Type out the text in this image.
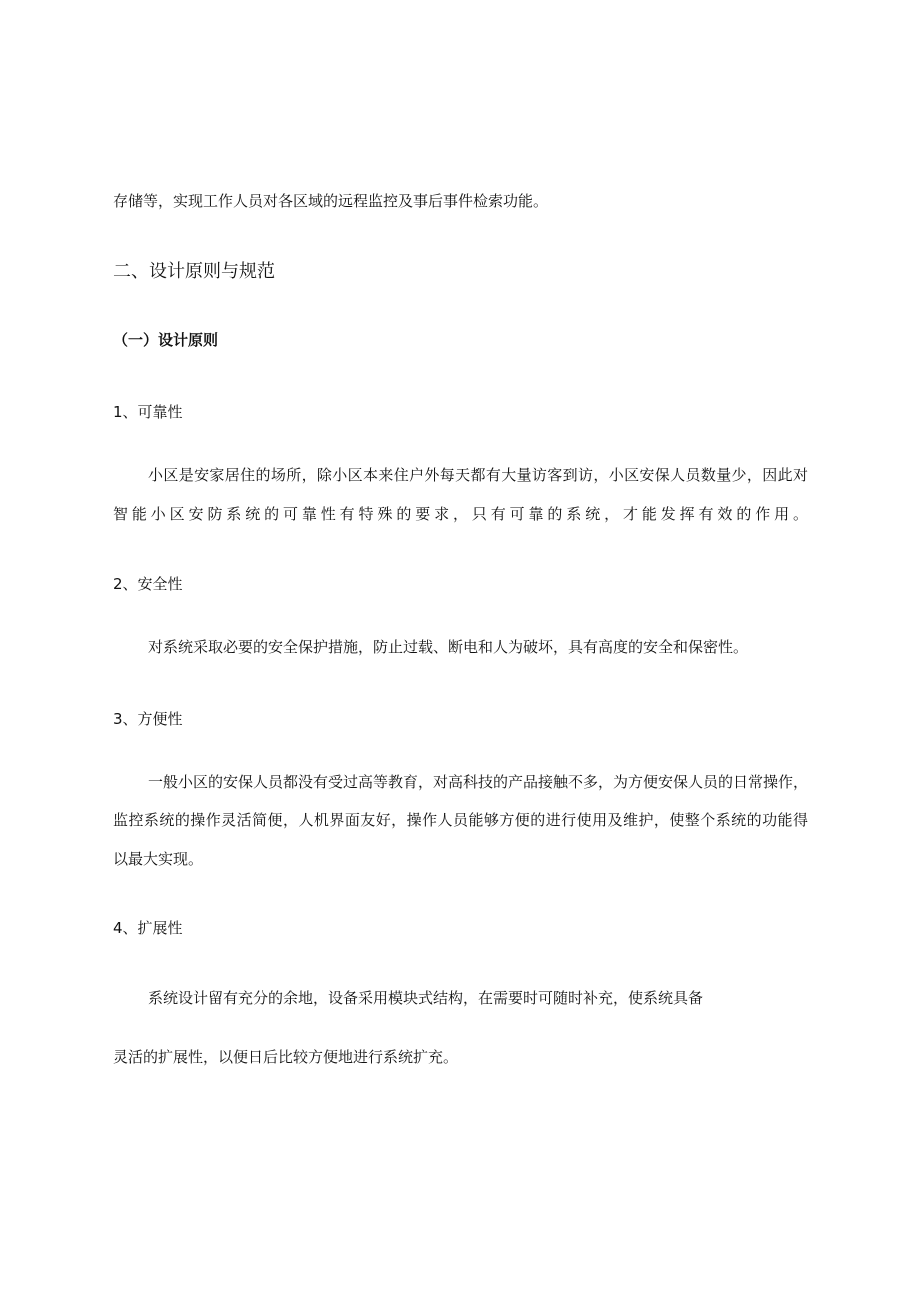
存储等，实现工作人员对各区域的远程监控及事后事件检索功能。
二、设计原则与规范
（一）设计原则
1、可靠性
小区是安家居住的场所，除小区本来住户外每天都有大量访客到访，小区安保人员数量少，因此对
智能小区安防系统的可靠性有特殊的要求，只有可靠的系统，才能发挥有效的作用。
2、安全性
对系统采取必要的安全保护措施，防止过载、断电和人为破坏，具有高度的安全和保密性。
3、方便性
一般小区的安保人员都没有受过高等教育，对高科技的产品接触不多，为方便安保人员的日常操作，
监控系统的操作灵活简便，人机界面友好，操作人员能够方便的进行使用及维护，使整个系统的功能得
以最大实现。
4、扩展性
系统设计留有充分的余地，设备采用模块式结构，在需要时可随时补充，使系统具备
灵活的扩展性，以便日后比较方便地进行系统扩充。
